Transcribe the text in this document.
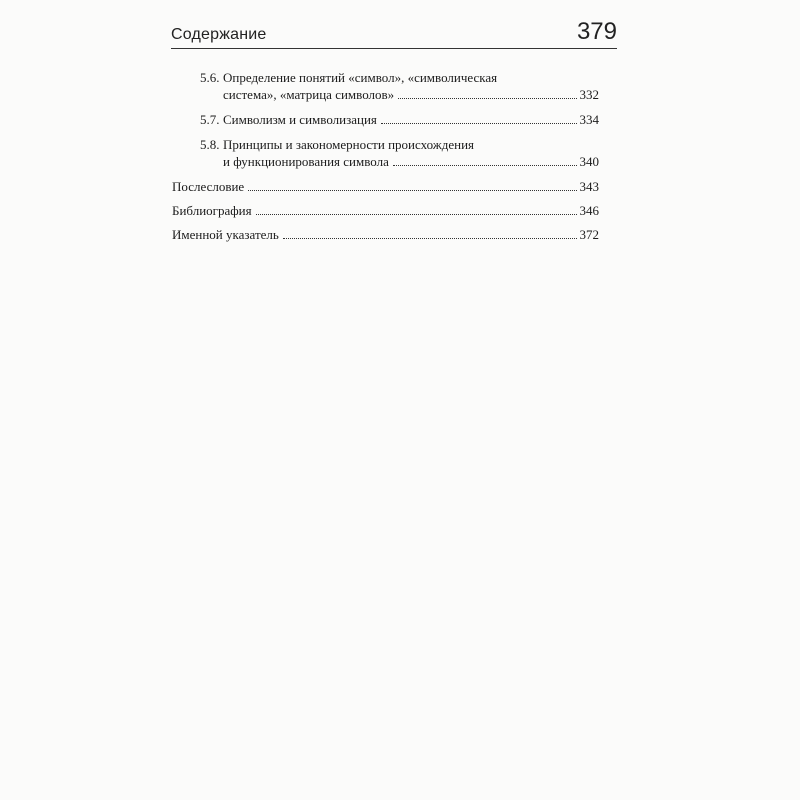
Содержание	379
5.6. Определение понятий «символ», «символическая
система», «матрица символов»	332
5.7. Символизм и символизация	334
5.8. Принципы и закономерности происхождения
и функционирования символа	340
Послесловие	343
Библиография	346
Именной указатель	372
